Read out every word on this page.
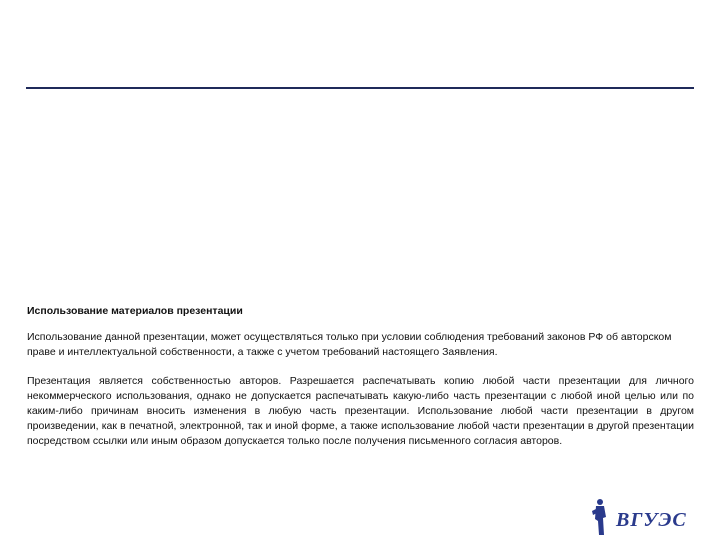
Использование материалов презентации

Использование данной презентации, может осуществляться только при условии соблюдения требований законов РФ об авторском праве и интеллектуальной собственности, а также с учетом требований настоящего Заявления.

Презентация является собственностью авторов. Разрешается распечатывать копию любой части презентации для личного некоммерческого использования, однако не допускается распечатывать какую-либо часть презентации с любой иной целью или по каким-либо причинам вносить изменения в любую часть презентации. Использование любой части презентации в другом произведении, как в печатной, электронной, так и иной форме, а также использование любой части презентации в другой презентации посредством ссылки или иным образом допускается только после получения письменного согласия авторов.

ВГУЭС
